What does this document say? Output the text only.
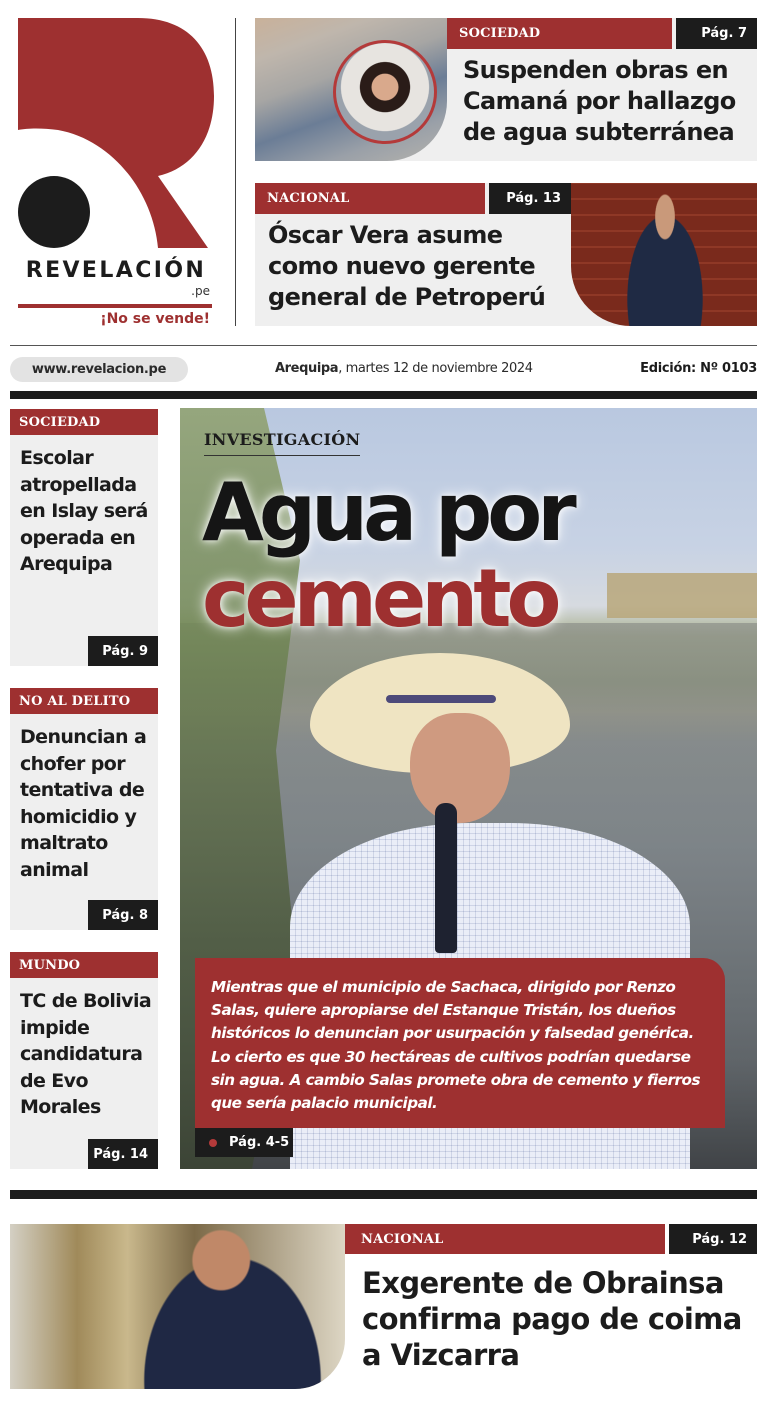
REVELACIÓN
.pe
¡No se vende!
SOCIEDAD	Pág. 7
Suspenden obras en Camaná por hallazgo de agua subterránea
NACIONAL	Pág. 13
Óscar Vera asume como nuevo gerente general de Petroperú
www.revelacion.pe	Arequipa, martes 12 de noviembre 2024	Edición: Nº 0103
SOCIEDAD
Escolar atropellada en Islay será operada en Arequipa
Pág. 9
NO AL DELITO
Denuncian a chofer por tentativa de homicidio y maltrato animal
Pág. 8
MUNDO
TC de Bolivia impide candidatura de Evo Morales
Pág. 14
INVESTIGACIÓN
Agua por
cemento
Mientras que el municipio de Sachaca, dirigido por Renzo Salas, quiere apropiarse del Estanque Tristán, los dueños históricos lo denuncian por usurpación y falsedad genérica. Lo cierto es que 30 hectáreas de cultivos podrían quedarse sin agua. A cambio Salas promete obra de cemento y fierros que sería palacio municipal.
Pág. 4-5
NACIONAL	Pág. 12
Exgerente de Obrainsa confirma pago de coima a Vizcarra
